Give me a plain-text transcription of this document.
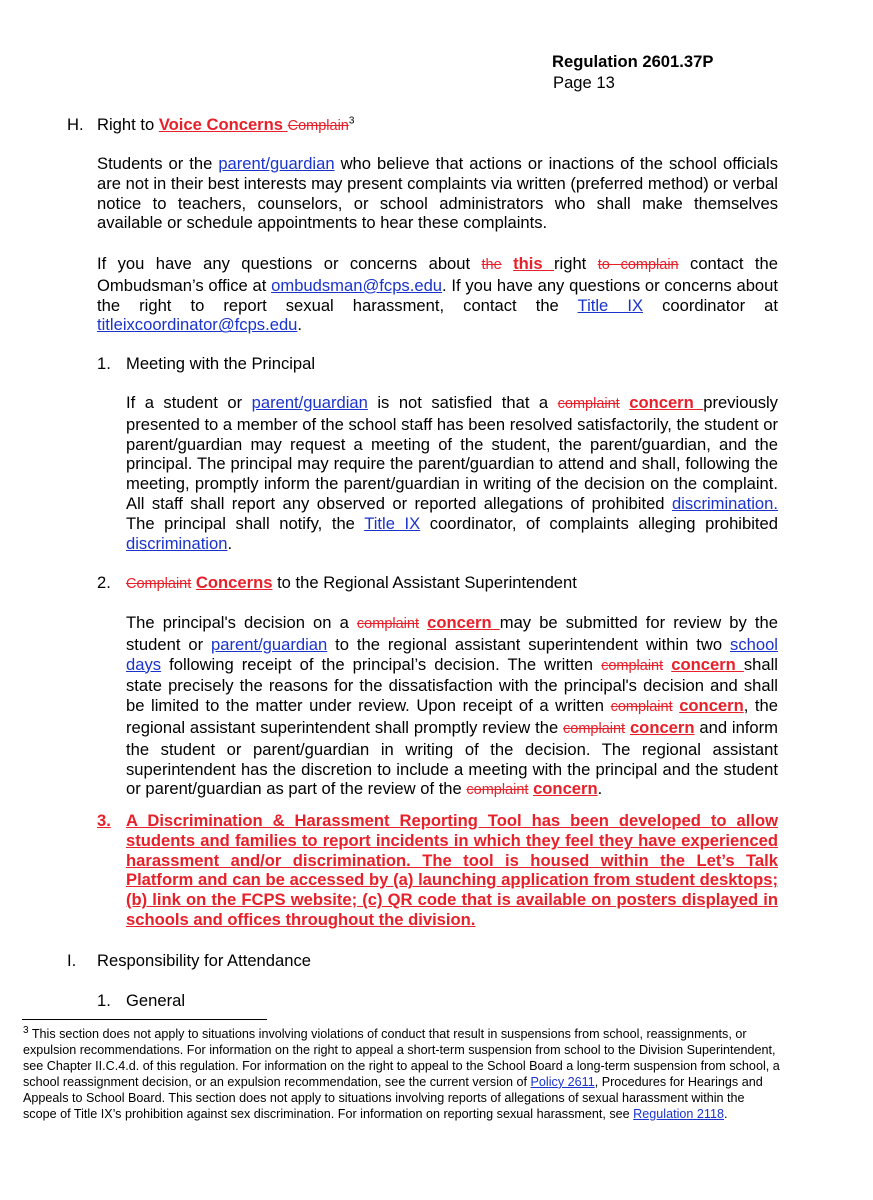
Regulation 2601.37P
Page 13
H. Right to Voice Concerns Complain$^3$
Students or the parent/guardian who believe that actions or inactions of the school officials are not in their best interests may present complaints via written (preferred method) or verbal notice to teachers, counselors, or school administrators who shall make themselves available or schedule appointments to hear these complaints.
If you have any questions or concerns about the this right to complain contact the Ombudsman’s office at ombudsman@fcps.edu. If you have any questions or concerns about the right to report sexual harassment, contact the Title IX coordinator at titleixcoordinator@fcps.edu.
1. Meeting with the Principal
If a student or parent/guardian is not satisfied that a complaint concern previously presented to a member of the school staff has been resolved satisfactorily, the student or parent/guardian may request a meeting of the student, the parent/guardian, and the principal. The principal may require the parent/guardian to attend and shall, following the meeting, promptly inform the parent/guardian in writing of the decision on the complaint. All staff shall report any observed or reported allegations of prohibited discrimination. The principal shall notify, the Title IX coordinator, of complaints alleging prohibited discrimination.
2. Complaint Concerns to the Regional Assistant Superintendent
The principal's decision on a complaint concern may be submitted for review by the student or parent/guardian to the regional assistant superintendent within two school days following receipt of the principal’s decision. The written complaint concern shall state precisely the reasons for the dissatisfaction with the principal's decision and shall be limited to the matter under review. Upon receipt of a written complaint concern, the regional assistant superintendent shall promptly review the complaint concern and inform the student or parent/guardian in writing of the decision. The regional assistant superintendent has the discretion to include a meeting with the principal and the student or parent/guardian as part of the review of the complaint concern.
3. A Discrimination & Harassment Reporting Tool has been developed to allow students and families to report incidents in which they feel they have experienced harassment and/or discrimination. The tool is housed within the Let’s Talk Platform and can be accessed by (a) launching application from student desktops; (b) link on the FCPS website; (c) QR code that is available on posters displayed in schools and offices throughout the division.
I. Responsibility for Attendance
1. General
$^3$ This section does not apply to situations involving violations of conduct that result in suspensions from school, reassignments, or expulsion recommendations. For information on the right to appeal a short-term suspension from school to the Division Superintendent, see Chapter II.C.4.d. of this regulation. For information on the right to appeal to the School Board a long-term suspension from school, a school reassignment decision, or an expulsion recommendation, see the current version of Policy 2611, Procedures for Hearings and Appeals to School Board. This section does not apply to situations involving reports of allegations of sexual harassment within the scope of Title IX’s prohibition against sex discrimination. For information on reporting sexual harassment, see Regulation 2118.
